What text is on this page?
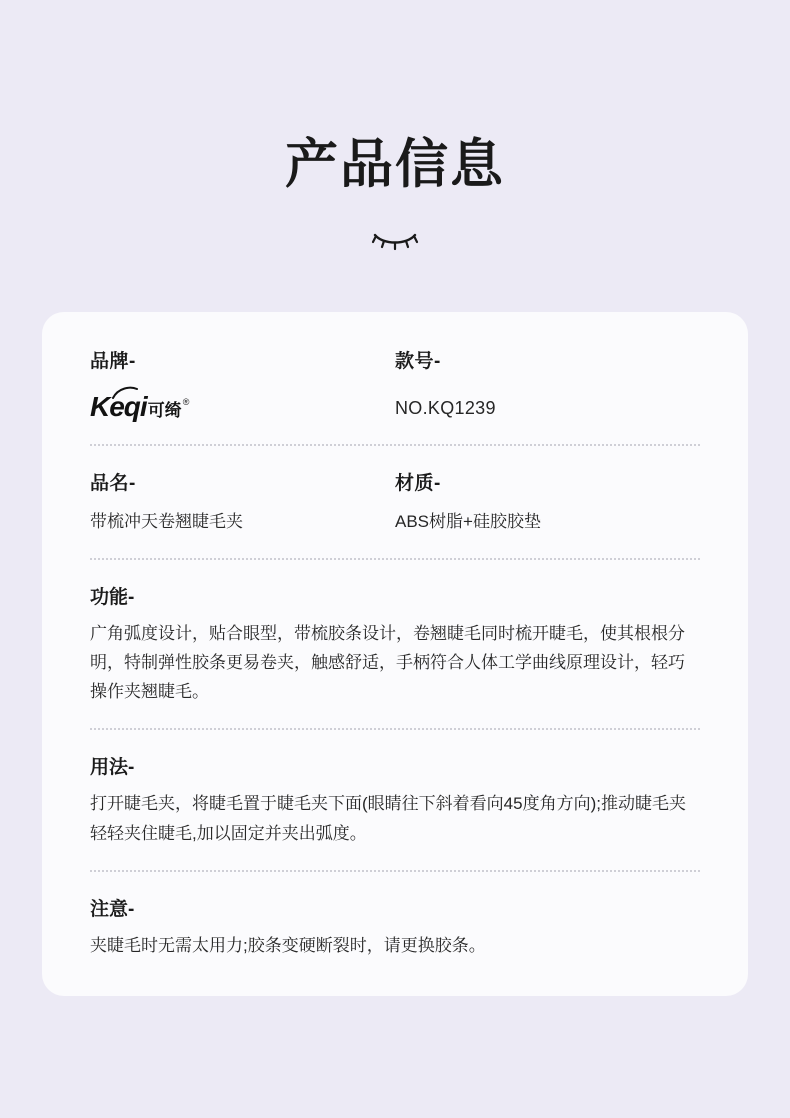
产品信息
品牌-
Keqi可绮®
款号-
NO.KQ1239
品名-
带梳冲天卷翘睫毛夹
材质-
ABS树脂+硅胶胶垫
功能-
广角弧度设计，贴合眼型，带梳胶条设计，卷翘睫毛同时梳开睫毛，使其根根分明，特制弹性胶条更易卷夹，触感舒适，手柄符合人体工学曲线原理设计，轻巧操作夹翘睫毛。
用法-
打开睫毛夹，将睫毛置于睫毛夹下面(眼睛往下斜着看向45度角方向);推动睫毛夹轻轻夹住睫毛,加以固定并夹出弧度。
注意-
夹睫毛时无需太用力;胶条变硬断裂时，请更换胶条。
